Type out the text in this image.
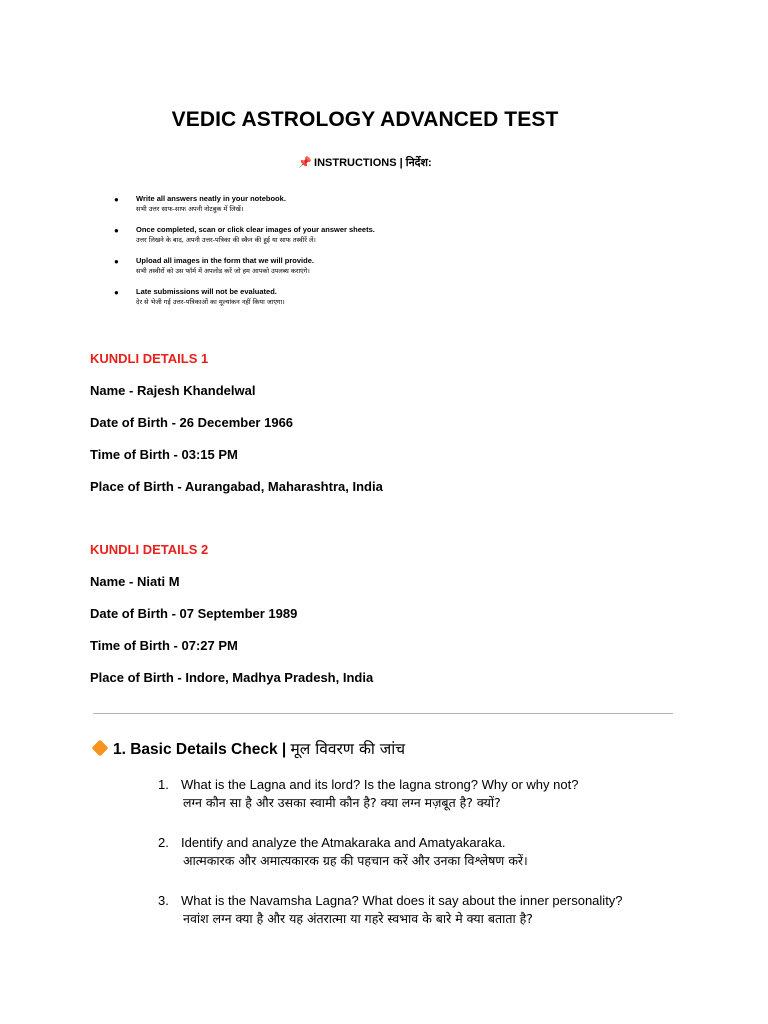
VEDIC ASTROLOGY ADVANCED TEST
📌 INSTRUCTIONS | निर्देश:
● Write all answers neatly in your notebook.
सभी उत्तर साफ-साफ अपनी नोटबुक में लिखें।
● Once completed, scan or click clear images of your answer sheets.
उत्तर लिखने के बाद, अपनी उत्तर-पत्रिका की स्कैन की हुई या साफ तस्वीरें लें।
● Upload all images in the form that we will provide.
सभी तस्वीरों को उस फॉर्म में अपलोड करें जो हम आपको उपलब्ध कराएंगे।
● Late submissions will not be evaluated.
देर से भेजी गई उत्तर-पत्रिकाओं का मूल्यांकन नहीं किया जाएगा।
KUNDLI DETAILS 1
Name - Rajesh Khandelwal
Date of Birth - 26 December 1966
Time of Birth - 03:15 PM
Place of Birth - Aurangabad, Maharashtra, India
KUNDLI DETAILS 2
Name - Niati M
Date of Birth - 07 September 1989
Time of Birth - 07:27 PM
Place of Birth - Indore, Madhya Pradesh, India
1. Basic Details Check | मूल विवरण की जांच
1. What is the Lagna and its lord? Is the lagna strong? Why or why not?
लग्न कौन सा है और उसका स्वामी कौन है? क्या लग्न मज़बूत है? क्यों?
2. Identify and analyze the Atmakaraka and Amatyakaraka.
आत्मकारक और अमात्यकारक ग्रह की पहचान करें और उनका विश्लेषण करें।
3. What is the Navamsha Lagna? What does it say about the inner personality?
नवांश लग्न क्या है और यह अंतरात्मा या गहरे स्वभाव के बारे मे क्या बताता है?
